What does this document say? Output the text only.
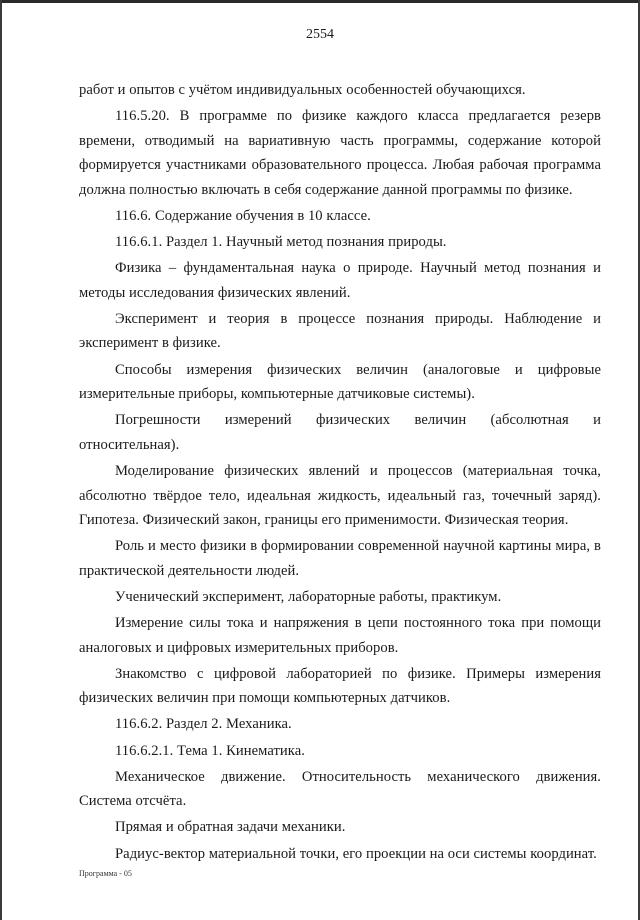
2554

работ и опытов с учётом индивидуальных особенностей обучающихся.

116.5.20. В программе по физике каждого класса предлагается резерв времени, отводимый на вариативную часть программы, содержание которой формируется участниками образовательного процесса. Любая рабочая программа должна полностью включать в себя содержание данной программы по физике.

116.6. Содержание обучения в 10 классе.

116.6.1. Раздел 1. Научный метод познания природы.

Физика – фундаментальная наука о природе. Научный метод познания и методы исследования физических явлений.

Эксперимент и теория в процессе познания природы. Наблюдение и эксперимент в физике.

Способы измерения физических величин (аналоговые и цифровые измерительные приборы, компьютерные датчиковые системы).

Погрешности измерений физических величин (абсолютная и относительная).

Моделирование физических явлений и процессов (материальная точка, абсолютно твёрдое тело, идеальная жидкость, идеальный газ, точечный заряд). Гипотеза. Физический закон, границы его применимости. Физическая теория.

Роль и место физики в формировании современной научной картины мира, в практической деятельности людей.

Ученический эксперимент, лабораторные работы, практикум.

Измерение силы тока и напряжения в цепи постоянного тока при помощи аналоговых и цифровых измерительных приборов.

Знакомство с цифровой лабораторией по физике. Примеры измерения физических величин при помощи компьютерных датчиков.

116.6.2. Раздел 2. Механика.

116.6.2.1. Тема 1. Кинематика.

Механическое движение. Относительность механического движения. Система отсчёта.

Прямая и обратная задачи механики.

Радиус-вектор материальной точки, его проекции на оси системы координат.

Программа - 05
